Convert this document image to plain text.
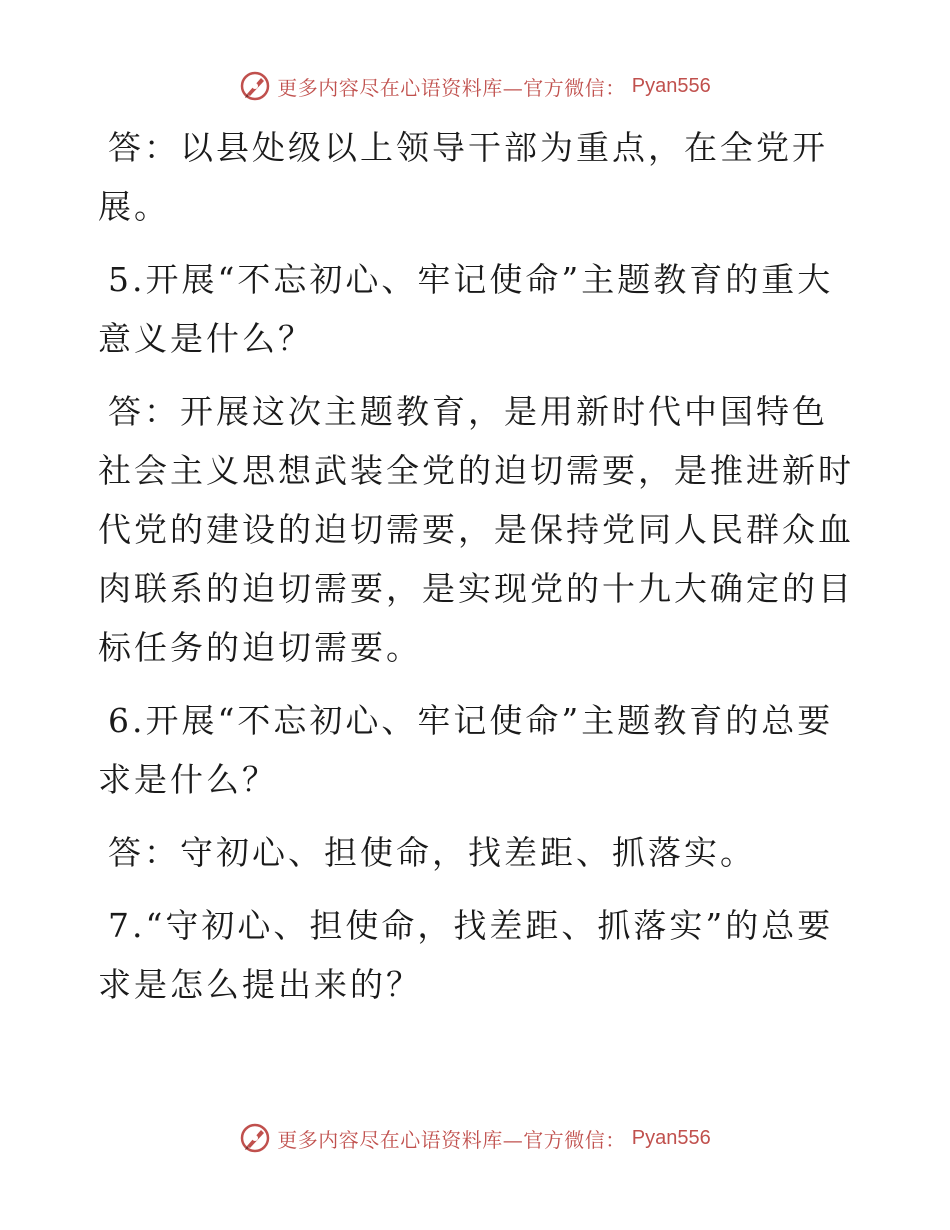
更多内容尽在心语资料库—官方微信： Pyan556

答：以县处级以上领导干部为重点，在全党开展。

5.开展“不忘初心、牢记使命”主题教育的重大意义是什么？

答：开展这次主题教育，是用新时代中国特色社会主义思想武装全党的迫切需要，是推进新时代党的建设的迫切需要，是保持党同人民群众血肉联系的迫切需要，是实现党的十九大确定的目标任务的迫切需要。

6.开展“不忘初心、牢记使命”主题教育的总要求是什么？

答：守初心、担使命，找差距、抓落实。

7.“守初心、担使命，找差距、抓落实”的总要求是怎么提出来的？

更多内容尽在心语资料库—官方微信： Pyan556
